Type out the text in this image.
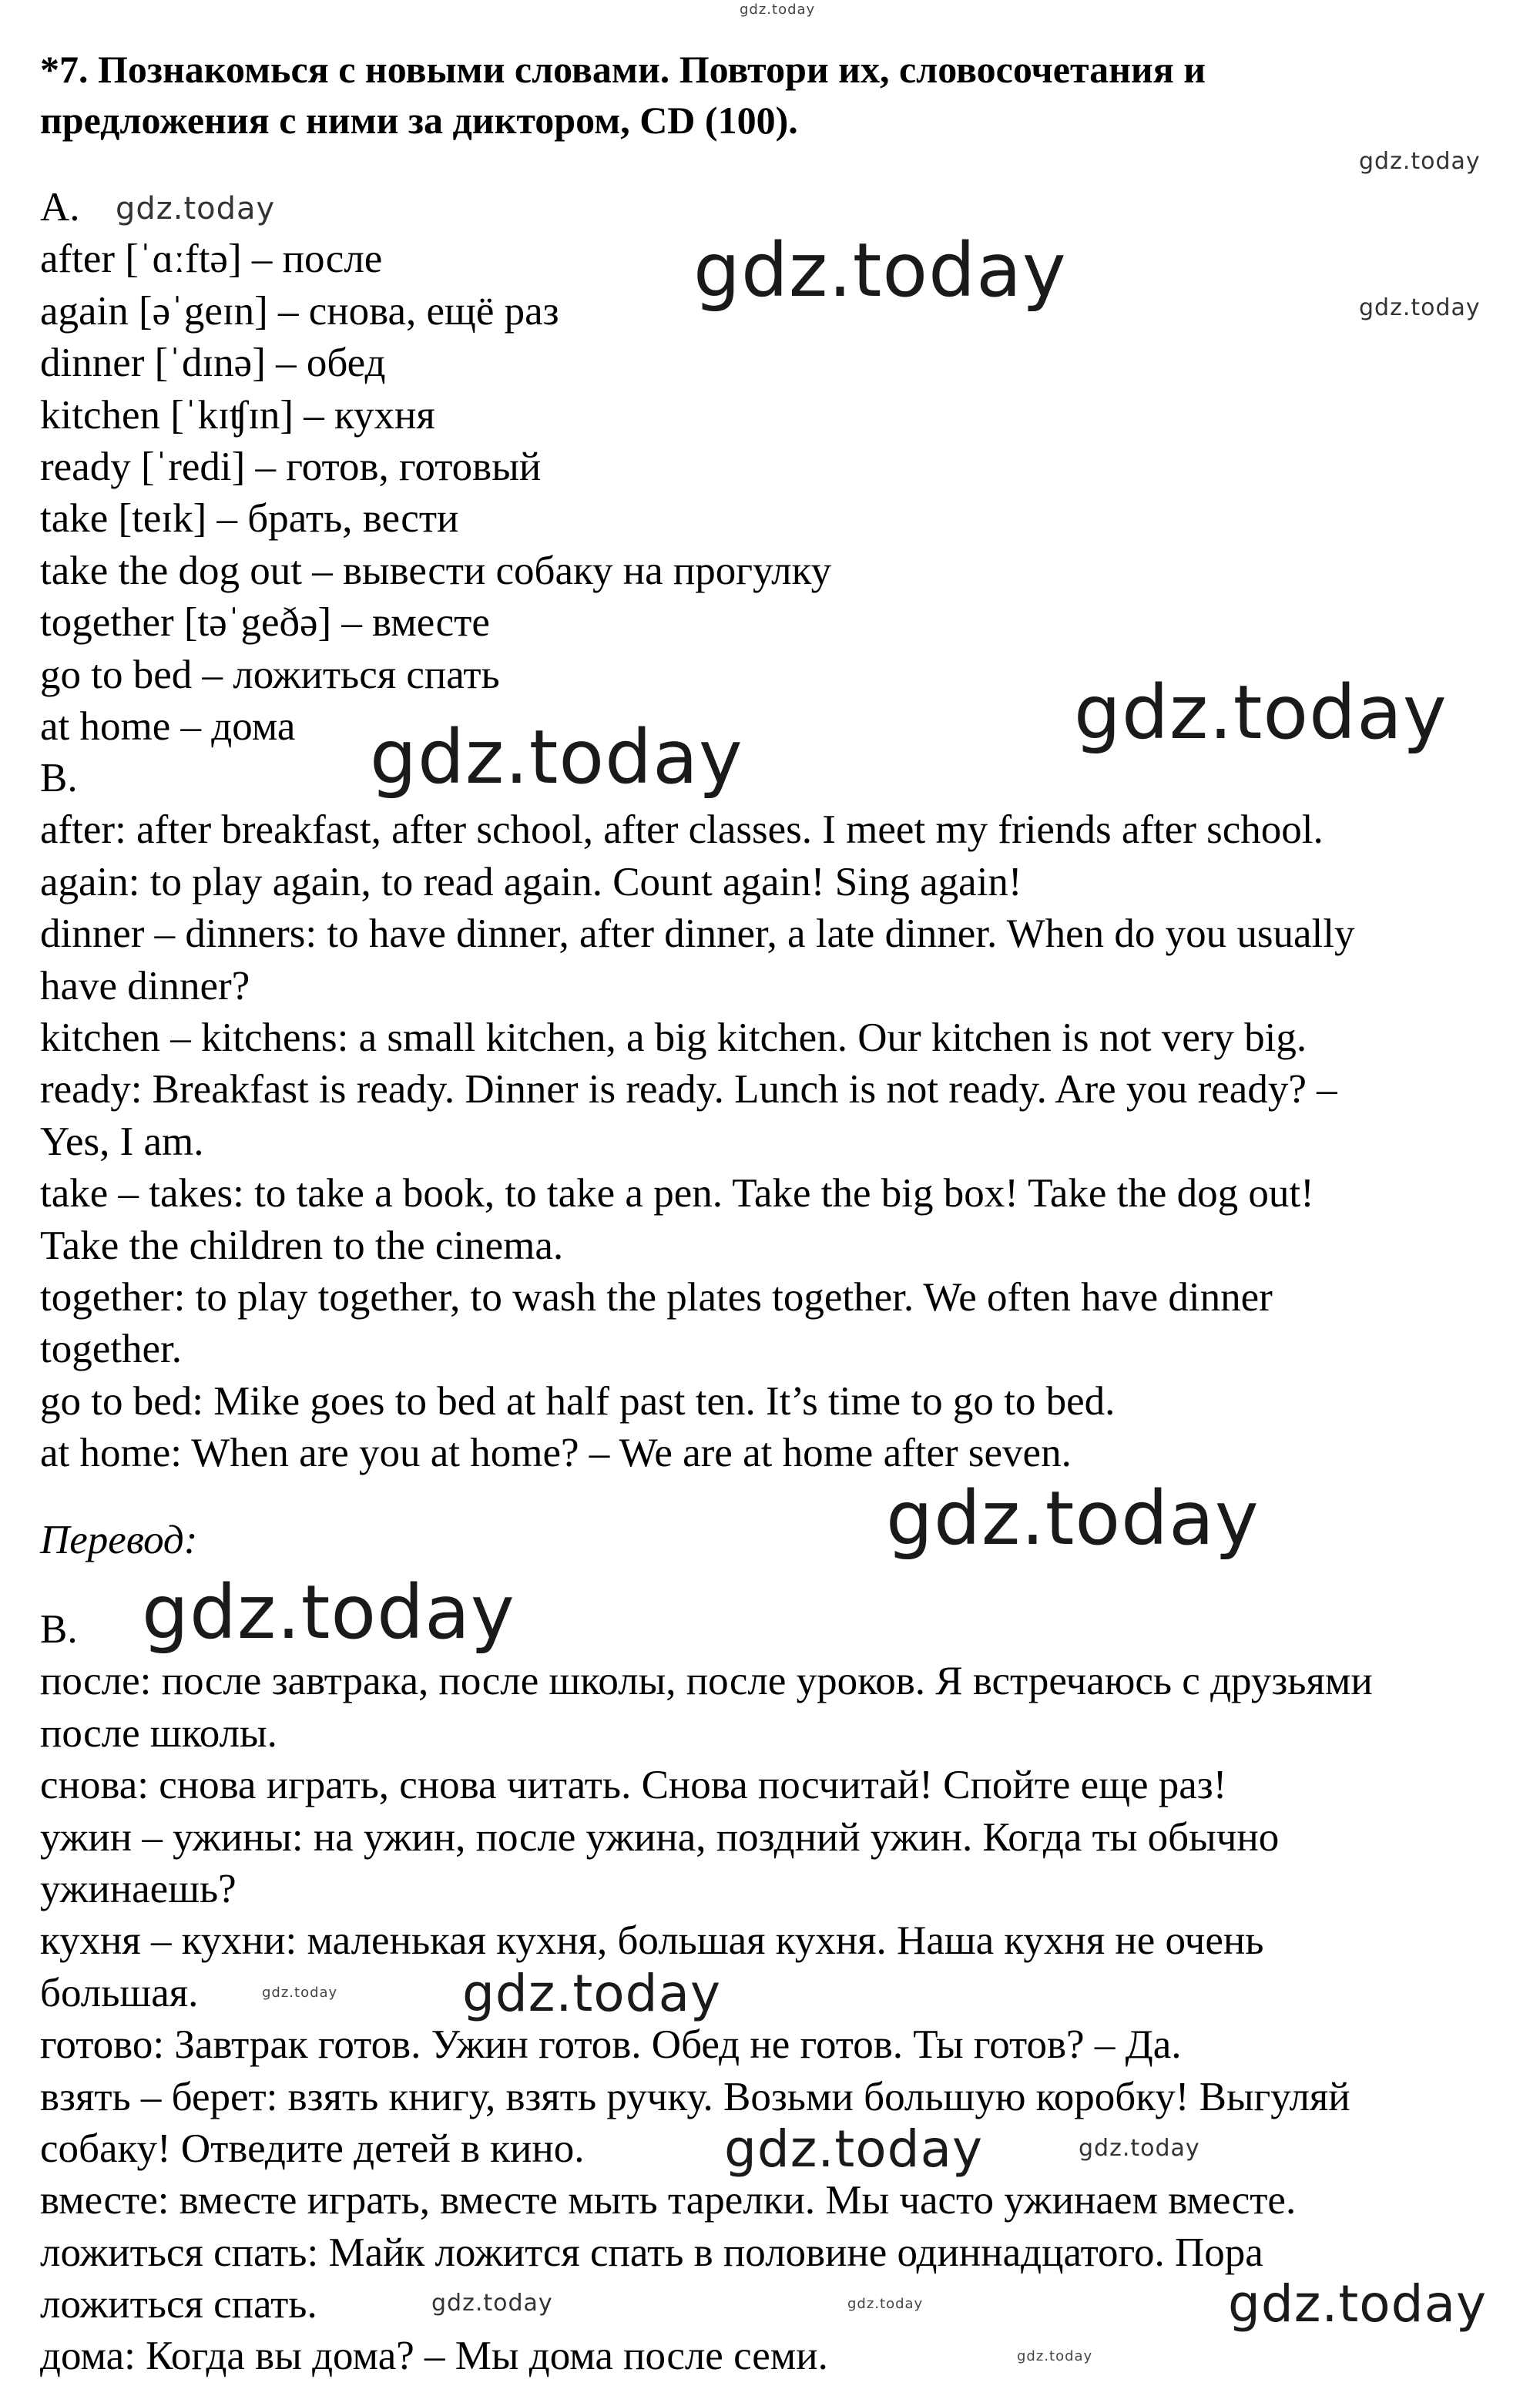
*7. Познакомься с новыми словами. Повтори их, словосочетания и
предложения с ними за диктором, CD (100).
A.
after [ˈɑːftə] – после
again [əˈgeɪn] – снова, ещё раз
dinner [ˈdɪnə] – обед
kitchen [ˈkɪʧɪn] – кухня
ready [ˈredi] – готов, готовый
take [teɪk] – брать, вести
take the dog out – вывести собаку на прогулку
together [təˈgeðə] – вместе
go to bed – ложиться спать
at home – дома
B.
after: after breakfast, after school, after classes. I meet my friends after school.
again: to play again, to read again. Count again! Sing again!
dinner – dinners: to have dinner, after dinner, a late dinner. When do you usually
have dinner?
kitchen – kitchens: a small kitchen, a big kitchen. Our kitchen is not very big.
ready: Breakfast is ready. Dinner is ready. Lunch is not ready. Are you ready? –
Yes, I am.
take – takes: to take a book, to take a pen. Take the big box! Take the dog out!
Take the children to the cinema.
together: to play together, to wash the plates together. We often have dinner
together.
go to bed: Mike goes to bed at half past ten. It’s time to go to bed.
at home: When are you at home? – We are at home after seven.
Перевод:
B.
после: после завтрака, после школы, после уроков. Я встречаюсь с друзьями
после школы.
снова: снова играть, снова читать. Снова посчитай! Спойте еще раз!
ужин – ужины: на ужин, после ужина, поздний ужин. Когда ты обычно
ужинаешь?
кухня – кухни: маленькая кухня, большая кухня. Наша кухня не очень
большая.
готово: Завтрак готов. Ужин готов. Обед не готов. Ты готов? – Да.
взять – берет: взять книгу, взять ручку. Возьми большую коробку! Выгуляй
собаку! Отведите детей в кино.
вместе: вместе играть, вместе мыть тарелки. Мы часто ужинаем вместе.
ложиться спать: Майк ложится спать в половине одиннадцатого. Пора
ложиться спать.
дома: Когда вы дома? – Мы дома после семи.
gdz.today
gdz.today
gdz.today
gdz.today
gdz.today
gdz.today
gdz.today
gdz.today
gdz.today
gdz.today
gdz.today
gdz.today
gdz.today
gdz.today
gdz.today	gdz.today
gdz.today
